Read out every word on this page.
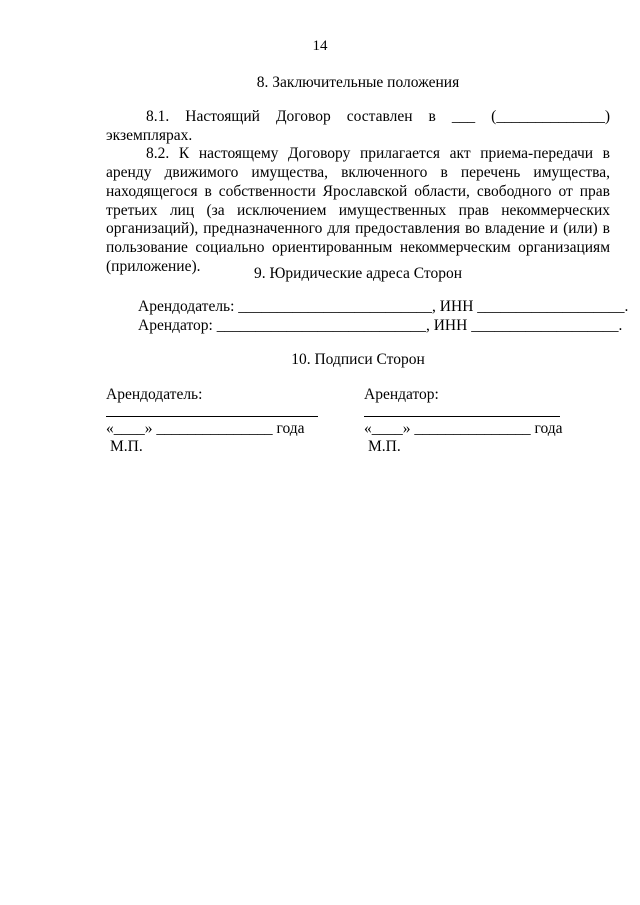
14
8. Заключительные положения

8.1. Настоящий Договор составлен в ___ (______________) экземплярах.

8.2. К настоящему Договору прилагается акт приема-передачи в аренду движимого имущества, включенного в перечень имущества, находящегося в собственности Ярославской области, свободного от прав третьих лиц (за исключением имущественных прав некоммерческих организаций), предназначенного для предоставления во владение и (или) в пользование социально ориентированным некоммерческим организациям

(приложение).	9. Юридические адреса Сторон
Арендодатель: _________________________, ИНН ___________________.
Арендатор: ___________________________, ИНН ___________________.
10. Подписи Сторон
Арендодатель:
«____» _______________ года
М.П.
Арендатор:
«____» _______________ года
М.П.
